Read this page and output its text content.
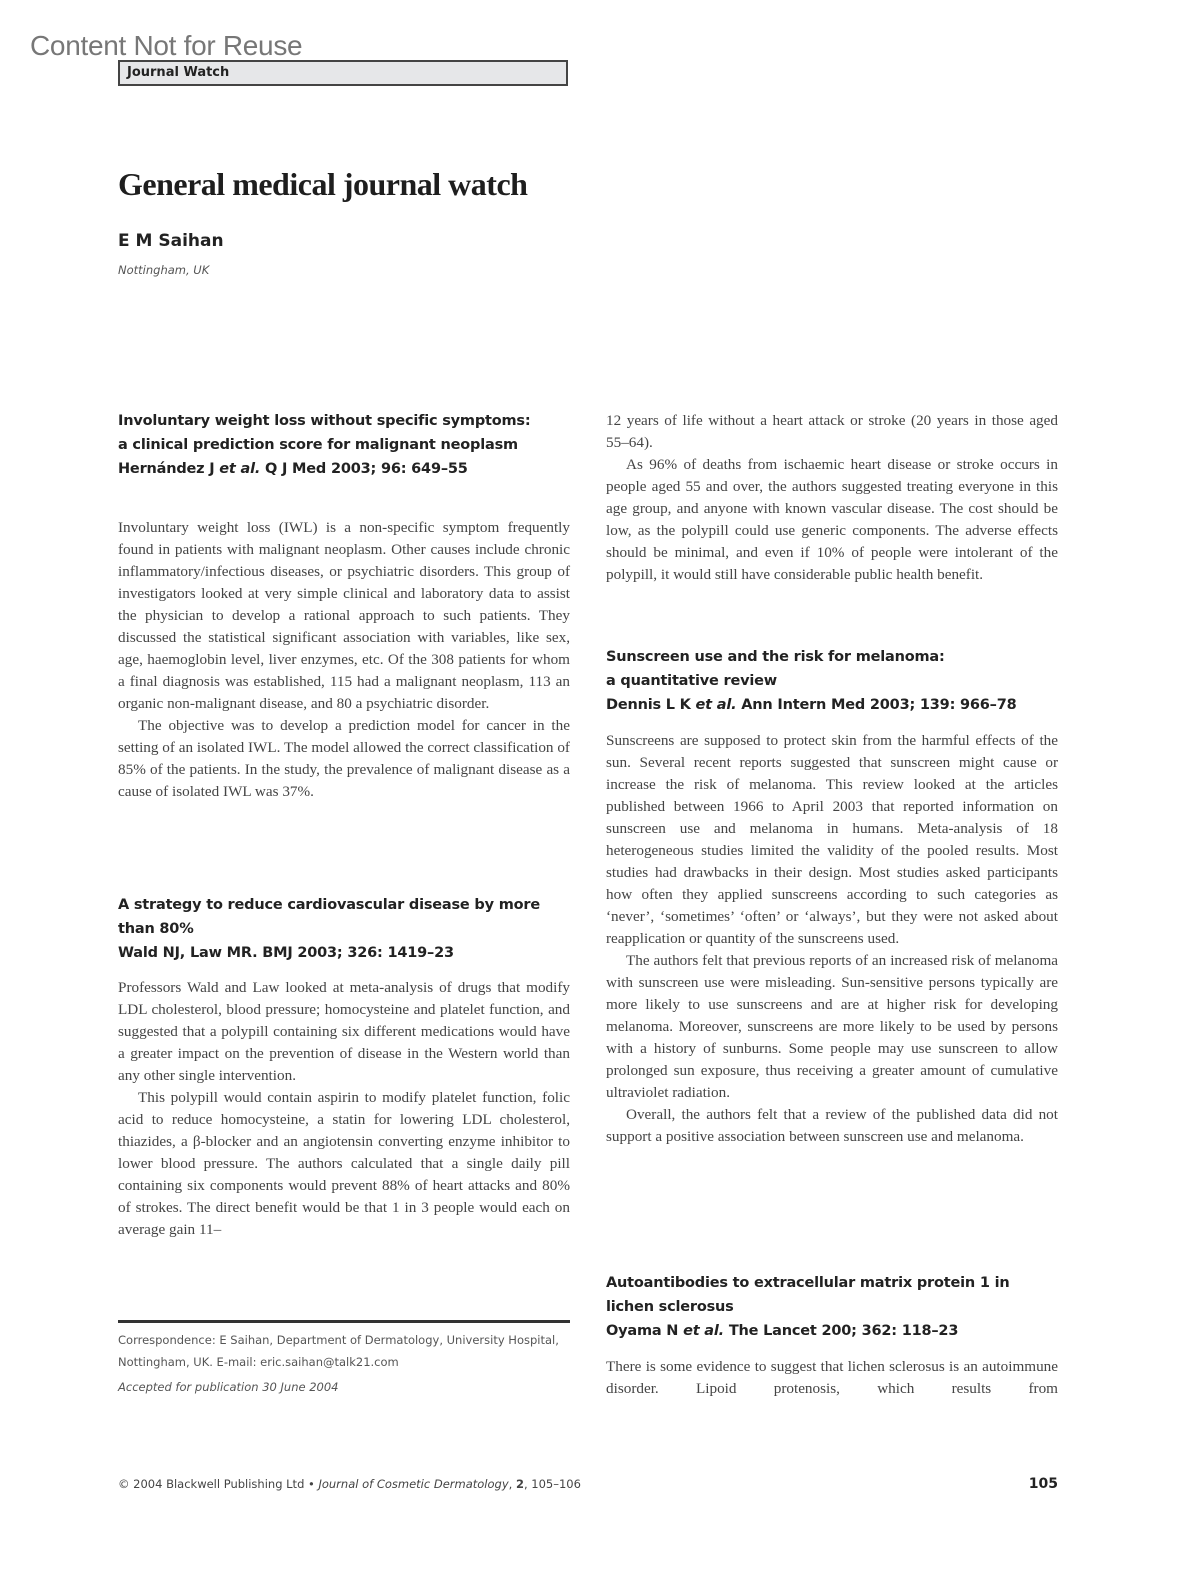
Content Not for Reuse
Journal Watch
General medical journal watch
E M Saihan
Nottingham, UK
Involuntary weight loss without specific symptoms:
a clinical prediction score for malignant neoplasm
Hernández J et al. Q J Med 2003; 96: 649–55

Involuntary weight loss (IWL) is a non-specific symptom frequently found in patients with malignant neoplasm. Other causes include chronic inflammatory/infectious diseases, or psychiatric disorders. This group of investigators looked at very simple clinical and laboratory data to assist the physician to develop a rational approach to such patients. They discussed the statistical significant association with variables, like sex, age, haemoglobin level, liver enzymes, etc. Of the 308 patients for whom a final diagnosis was established, 115 had a malignant neoplasm, 113 an organic non-malignant disease, and 80 a psychiatric disorder.

The objective was to develop a prediction model for cancer in the setting of an isolated IWL. The model allowed the correct classification of 85% of the patients. In the study, the prevalence of malignant disease as a cause of isolated IWL was 37%.

A strategy to reduce cardiovascular disease by more
than 80%
Wald NJ, Law MR. BMJ 2003; 326: 1419–23

Professors Wald and Law looked at meta-analysis of drugs that modify LDL cholesterol, blood pressure; homocysteine and platelet function, and suggested that a polypill containing six different medications would have a greater impact on the prevention of disease in the Western world than any other single intervention.

This polypill would contain aspirin to modify platelet function, folic acid to reduce homocysteine, a statin for lowering LDL cholesterol, thiazides, a β-blocker and an angiotensin converting enzyme inhibitor to lower blood pressure. The authors calculated that a single daily pill containing six components would prevent 88% of heart attacks and 80% of strokes. The direct benefit would be that 1 in 3 people would each on average gain 11–

Correspondence: E Saihan, Department of Dermatology, University Hospital, Nottingham, UK. E-mail: eric.saihan@talk21.com
Accepted for publication 30 June 2004

12 years of life without a heart attack or stroke (20 years in those aged 55–64).

As 96% of deaths from ischaemic heart disease or stroke occurs in people aged 55 and over, the authors suggested treating everyone in this age group, and anyone with known vascular disease. The cost should be low, as the polypill could use generic components. The adverse effects should be minimal, and even if 10% of people were intolerant of the polypill, it would still have considerable public health benefit.

Sunscreen use and the risk for melanoma:
a quantitative review
Dennis L K et al. Ann Intern Med 2003; 139: 966–78

Sunscreens are supposed to protect skin from the harmful effects of the sun. Several recent reports suggested that sunscreen might cause or increase the risk of melanoma. This review looked at the articles published between 1966 to April 2003 that reported information on sunscreen use and melanoma in humans. Meta-analysis of 18 heterogeneous studies limited the validity of the pooled results. Most studies had drawbacks in their design. Most studies asked participants how often they applied sunscreens according to such categories as ‘never’, ‘sometimes’ ‘often’ or ‘always’, but they were not asked about reapplication or quantity of the sunscreens used.

The authors felt that previous reports of an increased risk of melanoma with sunscreen use were misleading. Sun-sensitive persons typically are more likely to use sunscreens and are at higher risk for developing melanoma. Moreover, sunscreens are more likely to be used by persons with a history of sunburns. Some people may use sunscreen to allow prolonged sun exposure, thus receiving a greater amount of cumulative ultraviolet radiation.

Overall, the authors felt that a review of the published data did not support a positive association between sunscreen use and melanoma.

Autoantibodies to extracellular matrix protein 1 in
lichen sclerosus
Oyama N et al. The Lancet 200; 362: 118–23

There is some evidence to suggest that lichen sclerosus is an autoimmune disorder. Lipoid protenosis, which results from

© 2004 Blackwell Publishing Ltd • Journal of Cosmetic Dermatology, 2, 105–106	105
